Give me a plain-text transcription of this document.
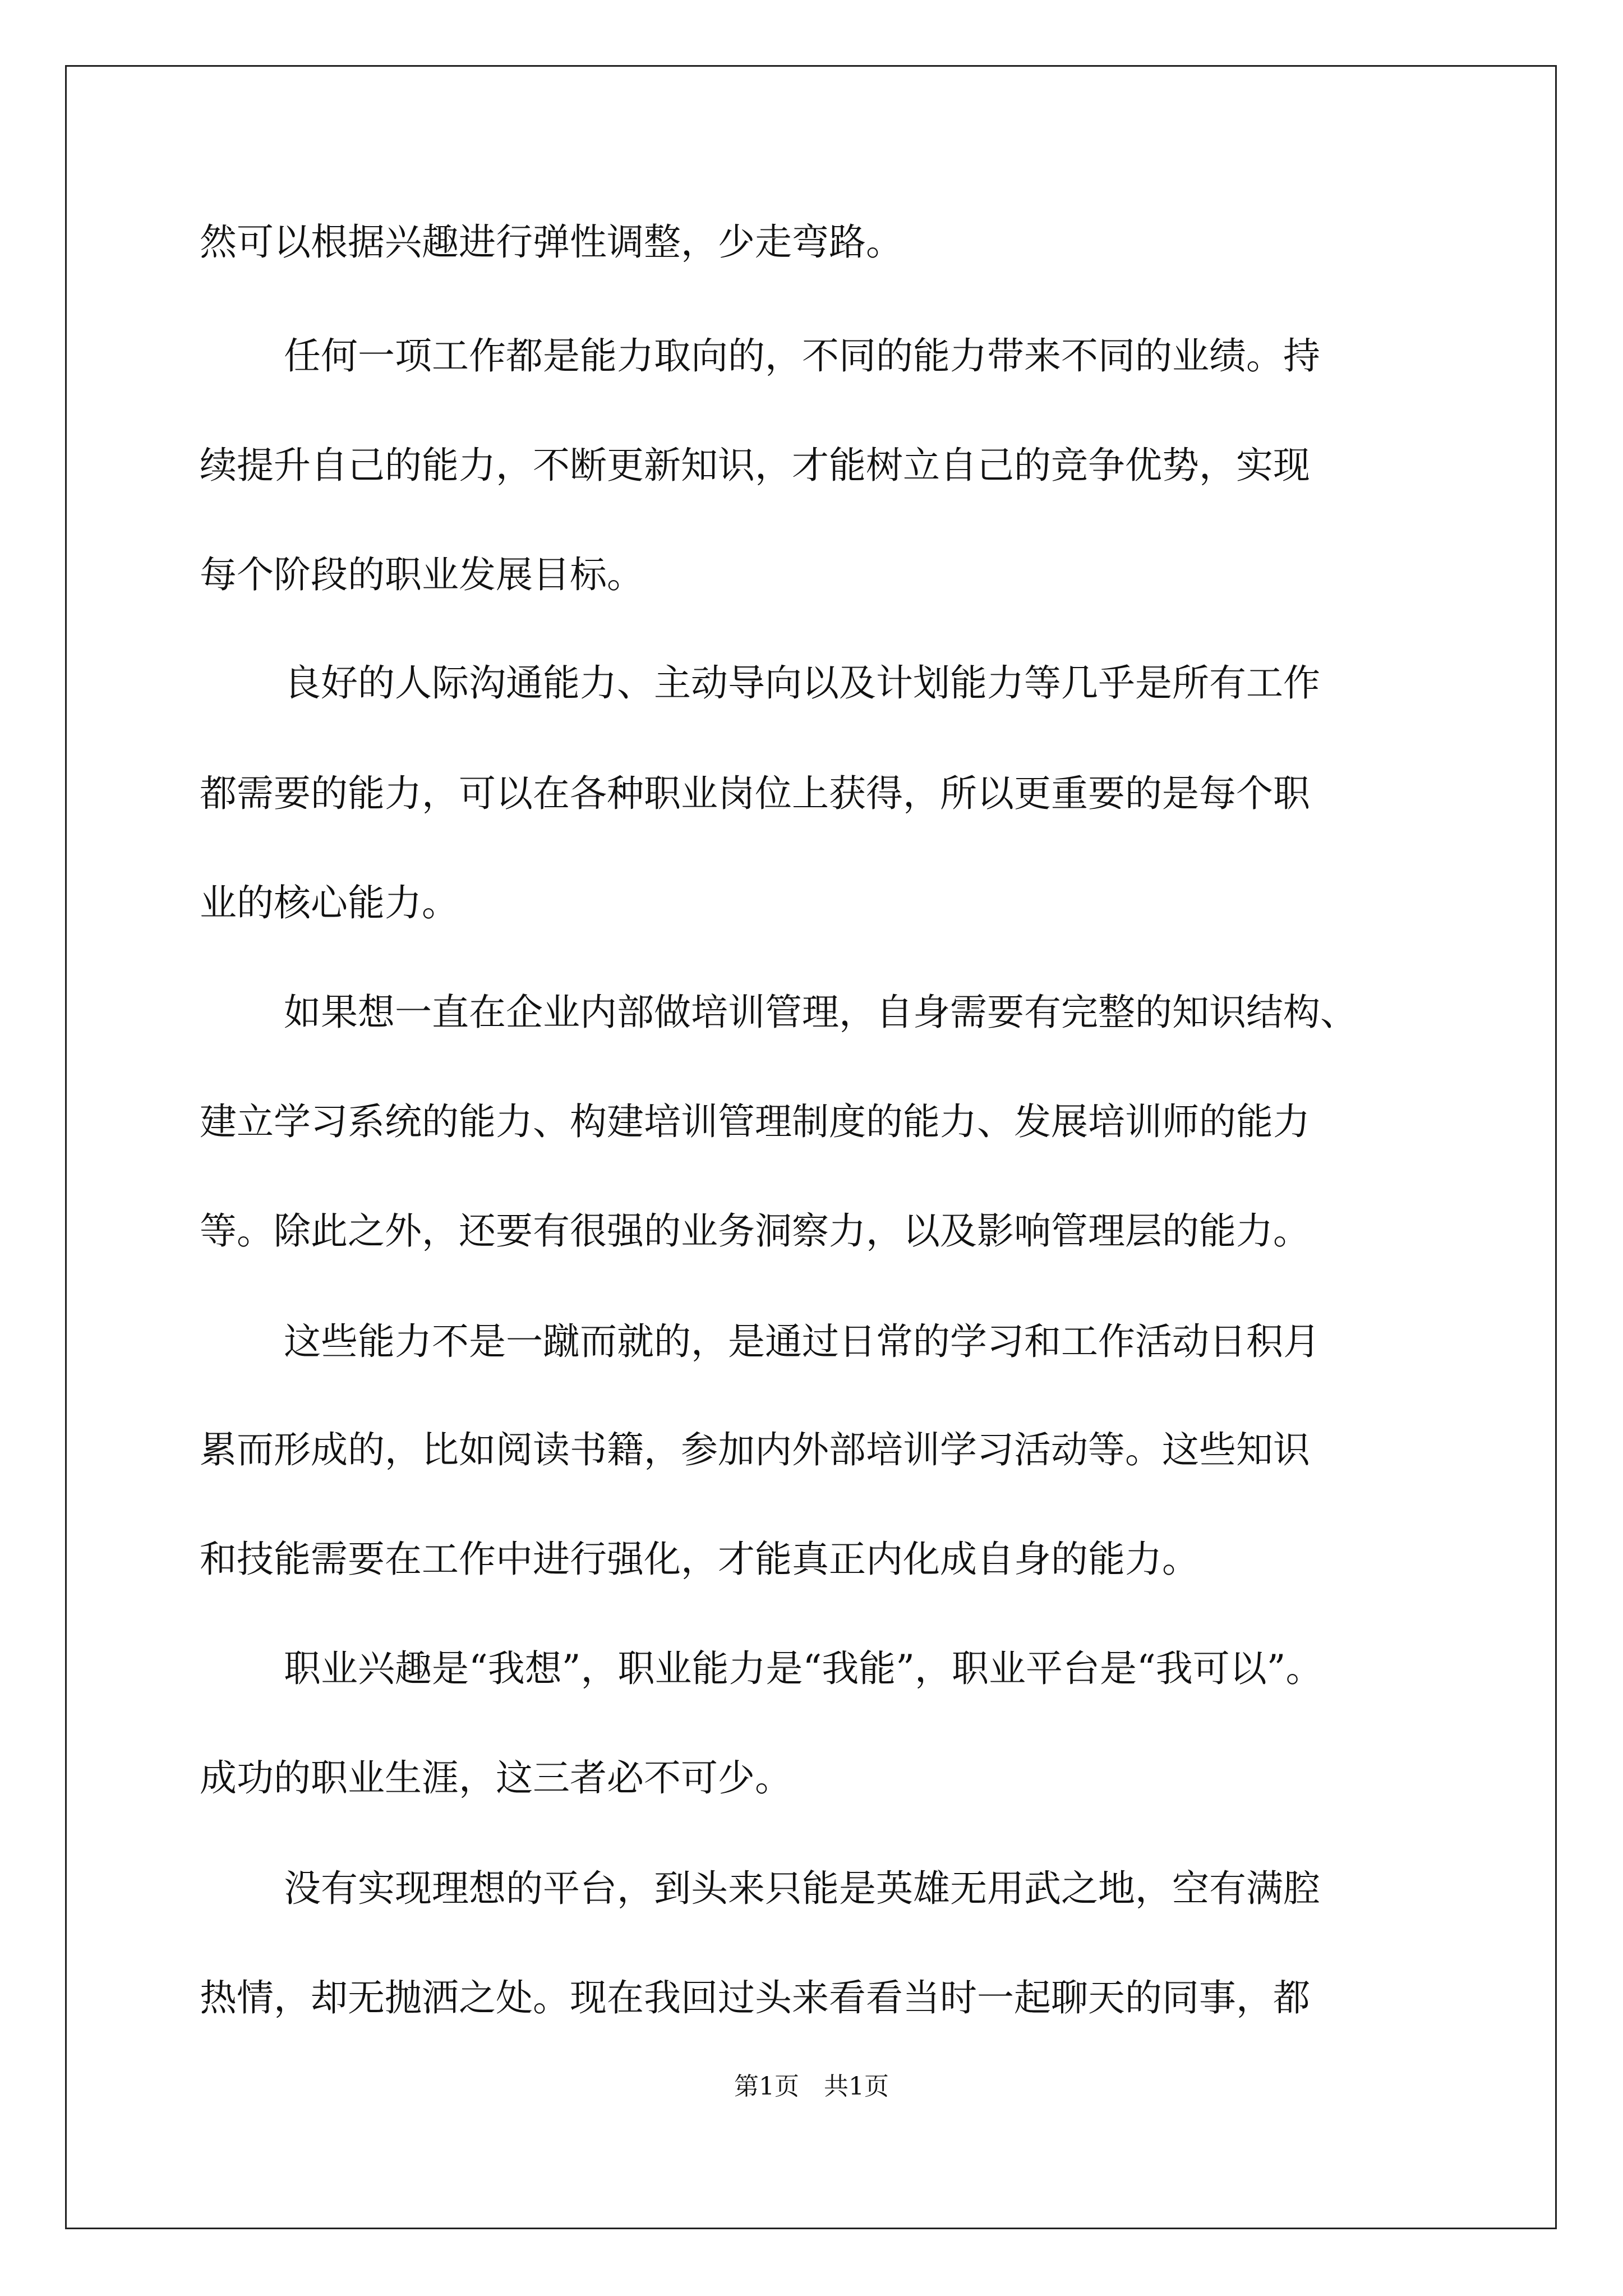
然可以根据兴趣进行弹性调整，少走弯路。
任何一项工作都是能力取向的，不同的能力带来不同的业绩。持
续提升自己的能力，不断更新知识，才能树立自己的竞争优势，实现
每个阶段的职业发展目标。
良好的人际沟通能力、主动导向以及计划能力等几乎是所有工作
都需要的能力，可以在各种职业岗位上获得，所以更重要的是每个职
业的核心能力。
如果想一直在企业内部做培训管理，自身需要有完整的知识结构、
建立学习系统的能力、构建培训管理制度的能力、发展培训师的能力
等。除此之外，还要有很强的业务洞察力，以及影响管理层的能力。
这些能力不是一蹴而就的，是通过日常的学习和工作活动日积月
累而形成的，比如阅读书籍，参加内外部培训学习活动等。这些知识
和技能需要在工作中进行强化，才能真正内化成自身的能力。
职业兴趣是“我想”，职业能力是“我能”，职业平台是“我可以”。
成功的职业生涯，这三者必不可少。
没有实现理想的平台，到头来只能是英雄无用武之地，空有满腔
热情，却无抛洒之处。现在我回过头来看看当时一起聊天的同事，都
第1页　共1页
